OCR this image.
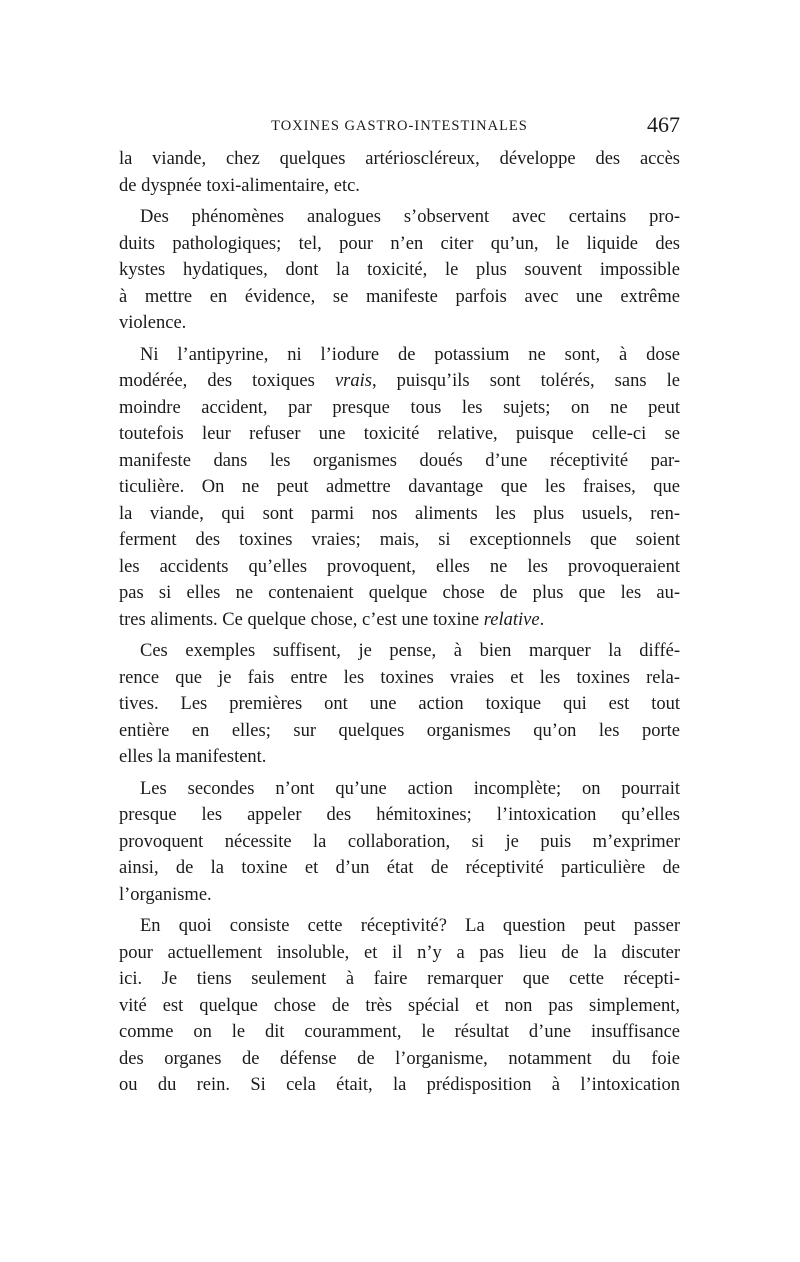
TOXINES GASTRO-INTESTINALES	467
la viande, chez quelques artérioscléreux, développe des accès
de dyspnée toxi-alimentaire, etc.
Des phénomènes analogues s’observent avec certains pro-
duits pathologiques; tel, pour n’en citer qu’un, le liquide des
kystes hydatiques, dont la toxicité, le plus souvent impossible
à mettre en évidence, se manifeste parfois avec une extrême
violence.
Ni l’antipyrine, ni l’iodure de potassium ne sont, à dose
modérée, des toxiques vrais, puisqu’ils sont tolérés, sans le
moindre accident, par presque tous les sujets; on ne peut
toutefois leur refuser une toxicité relative, puisque celle-ci se
manifeste dans les organismes doués d’une réceptivité par-
ticulière. On ne peut admettre davantage que les fraises, que
la viande, qui sont parmi nos aliments les plus usuels, ren-
ferment des toxines vraies; mais, si exceptionnels que soient
les accidents qu’elles provoquent, elles ne les provoqueraient
pas si elles ne contenaient quelque chose de plus que les au-
tres aliments. Ce quelque chose, c’est une toxine relative.
Ces exemples suffisent, je pense, à bien marquer la diffé-
rence que je fais entre les toxines vraies et les toxines rela-
tives. Les premières ont une action toxique qui est tout
entière en elles; sur quelques organismes qu’on les porte
elles la manifestent.
Les secondes n’ont qu’une action incomplète; on pourrait
presque les appeler des hémitoxines; l’intoxication qu’elles
provoquent nécessite la collaboration, si je puis m’exprimer
ainsi, de la toxine et d’un état de réceptivité particulière de
l’organisme.
En quoi consiste cette réceptivité? La question peut passer
pour actuellement insoluble, et il n’y a pas lieu de la discuter
ici. Je tiens seulement à faire remarquer que cette récepti-
vité est quelque chose de très spécial et non pas simplement,
comme on le dit couramment, le résultat d’une insuffisance
des organes de défense de l’organisme, notamment du foie
ou du rein. Si cela était, la prédisposition à l’intoxication
